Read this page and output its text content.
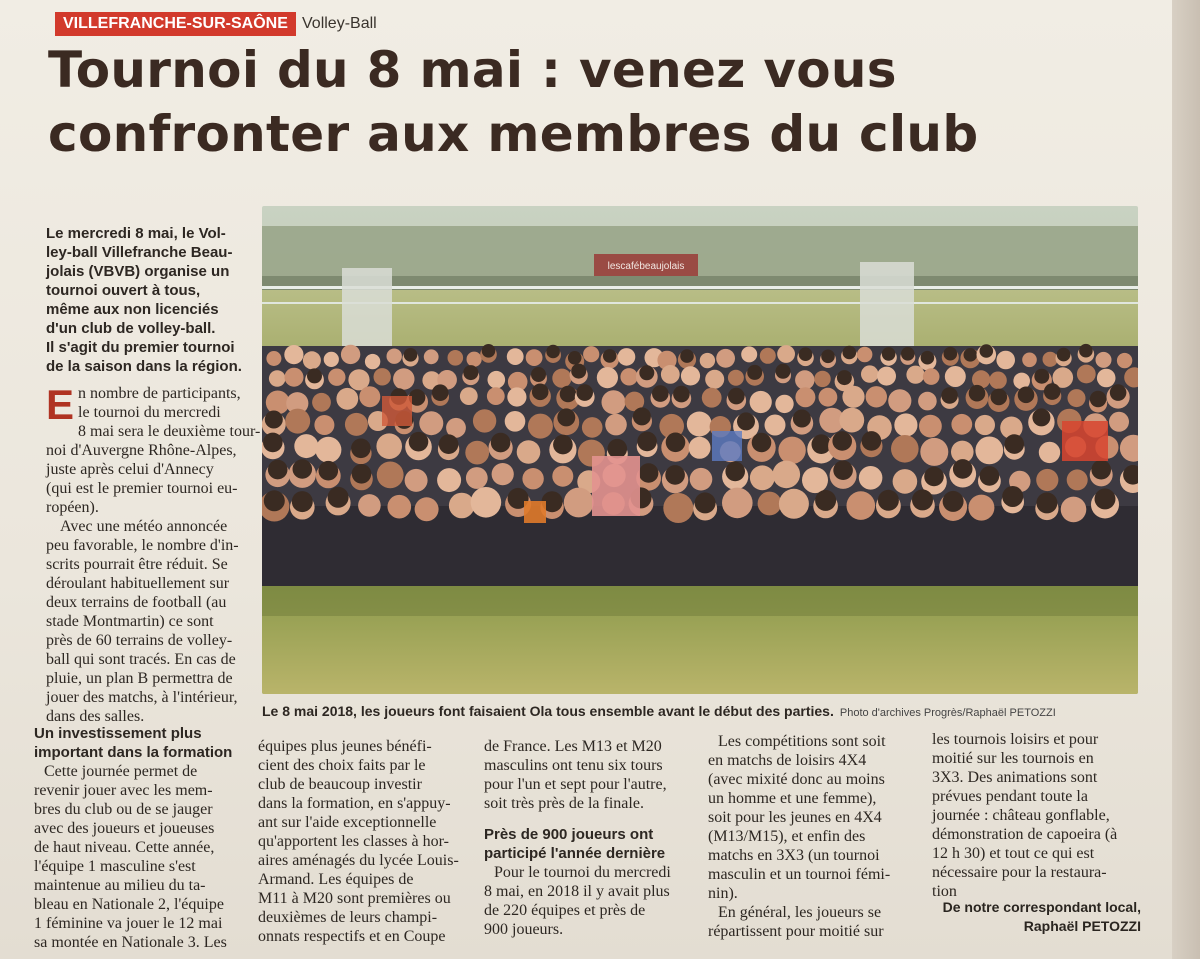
VILLEFRANCHE-SUR-SAÔNE Volley-Ball
Tournoi du 8 mai : venez vous
confronter aux membres du club
Le mercredi 8 mai, le Vol-
ley-ball Villefranche Beau-
jolais (VBVB) organise un
tournoi ouvert à tous,
même aux non licenciés
d'un club de volley-ball.
Il s'agit du premier tournoi
de la saison dans la région.
E n nombre de participants,
le tournoi du mercredi
8 mai sera le deuxième tour-
noi d'Auvergne Rhône-Alpes,
juste après celui d'Annecy
(qui est le premier tournoi eu-
ropéen).
Avec une météo annoncée
peu favorable, le nombre d'in-
scrits pourrait être réduit. Se
déroulant habituellement sur
deux terrains de football (au
stade Montmartin) ce sont
près de 60 terrains de volley-
ball qui sont tracés. En cas de
pluie, un plan B permettra de
jouer des matchs, à l'intérieur,
dans des salles.
Un investissement plus
important dans la formation
Cette journée permet de
revenir jouer avec les mem-
bres du club ou de se jauger
avec des joueurs et joueuses
de haut niveau. Cette année,
l'équipe 1 masculine s'est
maintenue au milieu du ta-
bleau en Nationale 2, l'équipe
1 féminine va jouer le 12 mai
sa montée en Nationale 3. Les
équipes plus jeunes bénéfi-
cient des choix faits par le
club de beaucoup investir
dans la formation, en s'appuy-
ant sur l'aide exceptionnelle
qu'apportent les classes à hor-
aires aménagés du lycée Louis-
Armand. Les équipes de
M11 à M20 sont premières ou
deuxièmes de leurs champi-
onnats respectifs et en Coupe
de France. Les M13 et M20
masculins ont tenu six tours
pour l'un et sept pour l'autre,
soit très près de la finale.
Près de 900 joueurs ont
participé l'année dernière
Pour le tournoi du mercredi
8 mai, en 2018 il y avait plus
de 220 équipes et près de
900 joueurs.
Les compétitions sont soit
en matchs de loisirs 4X4
(avec mixité donc au moins
un homme et une femme),
soit pour les jeunes en 4X4
(M13/M15), et enfin des
matchs en 3X3 (un tournoi
masculin et un tournoi fémi-
nin).
En général, les joueurs se
répartissent pour moitié sur
les tournois loisirs et pour
moitié sur les tournois en
3X3. Des animations sont
prévues pendant toute la
journée : château gonflable,
démonstration de capoeira (à
12 h 30) et tout ce qui est
nécessaire pour la restaura-
tion
De notre correspondant local,
Raphaël PETOZZI
lescafébeaujolais
Le 8 mai 2018, les joueurs font faisaient Ola tous ensemble avant le début des parties. Photo d'archives Progrès/Raphaël PETOZZI
